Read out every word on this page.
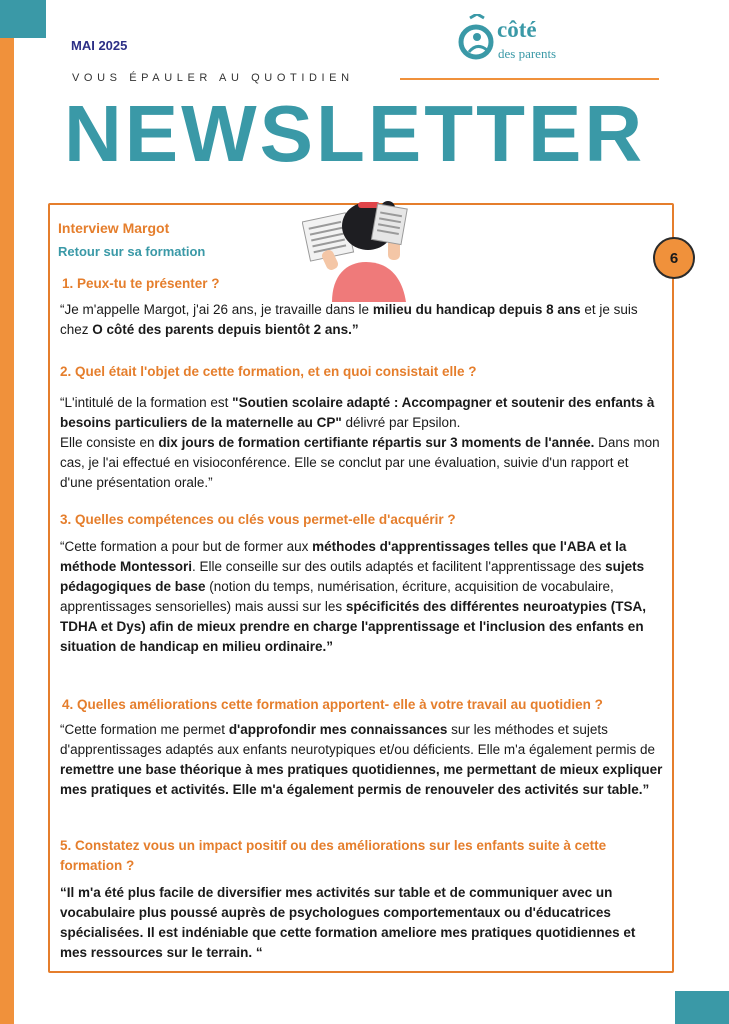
MAI 2025
côté
des parents
VOUS ÉPAULER AU QUOTIDIEN
NEWSLETTER
Interview Margot
Retour sur sa formation	6
1. Peux-tu te présenter ?
“Je m'appelle Margot, j'ai 26 ans, je travaille dans le milieu du handicap depuis 8 ans et je suis chez O côté des parents depuis bientôt 2 ans.”
2. Quel était l'objet de cette formation, et en quoi consistait elle ?
“L'intitulé de la formation est "Soutien scolaire adapté : Accompagner et soutenir des enfants à besoins particuliers de la maternelle au CP" délivré par Epsilon.
Elle consiste en dix jours de formation certifiante répartis sur 3 moments de l'année. Dans mon cas, je l'ai effectué en visioconférence. Elle se conclut par une évaluation, suivie d'un rapport et d'une présentation orale.”
3. Quelles compétences ou clés vous permet-elle d'acquérir ?
“Cette formation a pour but de former aux méthodes d'apprentissages telles que l'ABA et la méthode Montessori. Elle conseille sur des outils adaptés et facilitent l'apprentissage des sujets pédagogiques de base (notion du temps, numérisation, écriture, acquisition de vocabulaire, apprentissages sensorielles) mais aussi sur les spécificités des différentes neuroatypies (TSA, TDHA et Dys) afin de mieux prendre en charge l'apprentissage et l'inclusion des enfants en situation de handicap en milieu ordinaire.”
4. Quelles améliorations cette formation apportent- elle à votre travail au quotidien ?
“Cette formation me permet d'approfondir mes connaissances sur les méthodes et sujets d'apprentissages adaptés aux enfants neurotypiques et/ou déficients. Elle m'a également permis de remettre une base théorique à mes pratiques quotidiennes, me permettant de mieux expliquer mes pratiques et activités. Elle m'a également permis de renouveler des activités sur table.”
5. Constatez vous un impact positif ou des améliorations sur les enfants suite à cette formation ?
“Il m'a été plus facile de diversifier mes activités sur table et de communiquer avec un vocabulaire plus poussé auprès de psychologues comportementaux ou d'éducatrices spécialisées. Il est indéniable que cette formation ameliore mes pratiques quotidiennes et mes ressources sur le terrain. “
